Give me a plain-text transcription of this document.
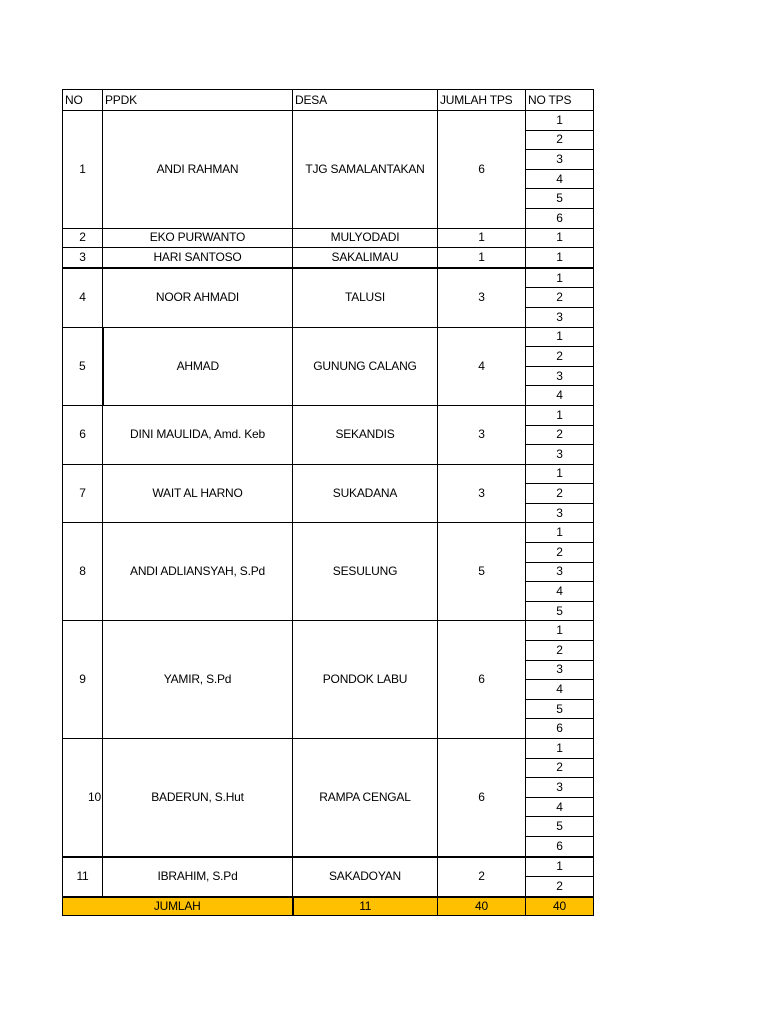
NO	PPDK	DESA	JUMLAH TPS	NO TPS
1	ANDI RAHMAN	TJG SAMALANTAKAN	6	1
				2
				3
				4
				5
				6
2	EKO PURWANTO	MULYODADI	1	1
3	HARI SANTOSO	SAKALIMAU	1	1
4	NOOR AHMADI	TALUSI	3	1
				2
				3
5	AHMAD	GUNUNG CALANG	4	1
				2
				3
				4
6	DINI MAULIDA, Amd. Keb	SEKANDIS	3	1
				2
				3
7	WAIT AL HARNO	SUKADANA	3	1
				2
				3
8	ANDI ADLIANSYAH, S.Pd	SESULUNG	5	1
				2
				3
				4
				5
9	YAMIR, S.Pd	PONDOK LABU	6	1
				2
				3
				4
				5
				6
10	BADERUN, S.Hut	RAMPA CENGAL	6	1
				2
				3
				4
				5
				6
11	IBRAHIM, S.Pd	SAKADOYAN	2	1
				2
JUMLAH		11	40	40
